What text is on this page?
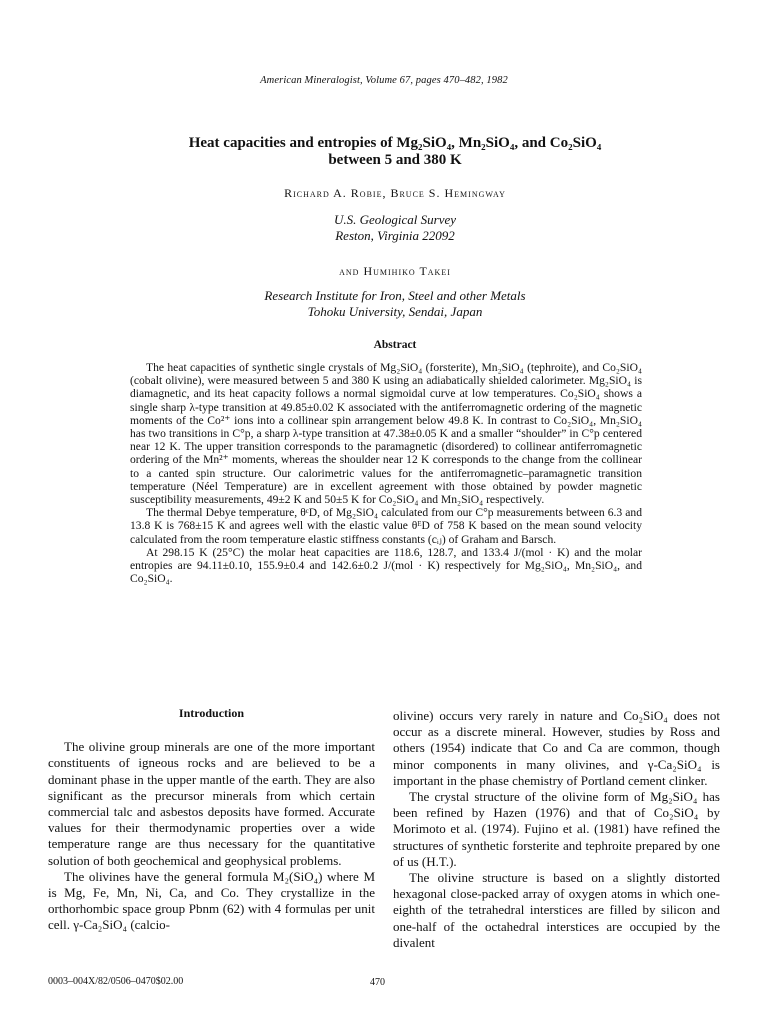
American Mineralogist, Volume 67, pages 470–482, 1982
Heat capacities and entropies of Mg₂SiO₄, Mn₂SiO₄, and Co₂SiO₄
between 5 and 380 K
Richard A. Robie, Bruce S. Hemingway
U.S. Geological Survey
Reston, Virginia 22092
and Humihiko Takei
Research Institute for Iron, Steel and other Metals
Tohoku University, Sendai, Japan
Abstract

The heat capacities of synthetic single crystals of Mg₂SiO₄ (forsterite), Mn₂SiO₄ (tephroite), and Co₂SiO₄ (cobalt olivine), were measured between 5 and 380 K using an adiabatically shielded calorimeter. Mg₂SiO₄ is diamagnetic, and its heat capacity follows a normal sigmoidal curve at low temperatures. Co₂SiO₄ shows a single sharp λ-type transition at 49.85±0.02 K associated with the antiferromagnetic ordering of the magnetic moments of the Co²⁺ ions into a collinear spin arrangement below 49.8 K. In contrast to Co₂SiO₄, Mn₂SiO₄ has two transitions in C°p, a sharp λ-type transition at 47.38±0.05 K and a smaller “shoulder” in C°p centered near 12 K. The upper transition corresponds to the paramagnetic (disordered) to collinear antiferromagnetic ordering of the Mn²⁺ moments, whereas the shoulder near 12 K corresponds to the change from the collinear to a canted spin structure. Our calorimetric values for the antiferromagnetic–paramagnetic transition temperature (Néel Temperature) are in excellent agreement with those obtained by powder magnetic susceptibility measurements, 49±2 K and 50±5 K for Co₂SiO₄ and Mn₂SiO₄ respectively.

The thermal Debye temperature, θᶜD, of Mg₂SiO₄ calculated from our C°p measurements between 6.3 and 13.8 K is 768±15 K and agrees well with the elastic value θᴱD of 758 K based on the mean sound velocity calculated from the room temperature elastic stiffness constants (cᵢⱼ) of Graham and Barsch.

At 298.15 K (25°C) the molar heat capacities are 118.6, 128.7, and 133.4 J/(mol · K) and the molar entropies are 94.11±0.10, 155.9±0.4 and 142.6±0.2 J/(mol · K) respectively for Mg₂SiO₄, Mn₂SiO₄, and Co₂SiO₄.

Introduction

The olivine group minerals are one of the more important constituents of igneous rocks and are believed to be a dominant phase in the upper mantle of the earth. They are also significant as the precursor minerals from which certain commercial talc and asbestos deposits have formed. Accurate values for their thermodynamic properties over a wide temperature range are thus necessary for the quantitative solution of both geochemical and geophysical problems.

The olivines have the general formula M₂(SiO₄) where M is Mg, Fe, Mn, Ni, Ca, and Co. They crystallize in the orthorhombic space group Pbnm (62) with 4 formulas per unit cell. γ-Ca₂SiO₄ (calcio-

olivine) occurs very rarely in nature and Co₂SiO₄ does not occur as a discrete mineral. However, studies by Ross and others (1954) indicate that Co and Ca are common, though minor components in many olivines, and γ-Ca₂SiO₄ is important in the phase chemistry of Portland cement clinker.

The crystal structure of the olivine form of Mg₂SiO₄ has been refined by Hazen (1976) and that of Co₂SiO₄ by Morimoto et al. (1974). Fujino et al. (1981) have refined the structures of synthetic forsterite and tephroite prepared by one of us (H.T.).

The olivine structure is based on a slightly distorted hexagonal close-packed array of oxygen atoms in which one-eighth of the tetrahedral interstices are filled by silicon and one-half of the octahedral interstices are occupied by the divalent

0003–004X/82/0506–0470$02.00	470
